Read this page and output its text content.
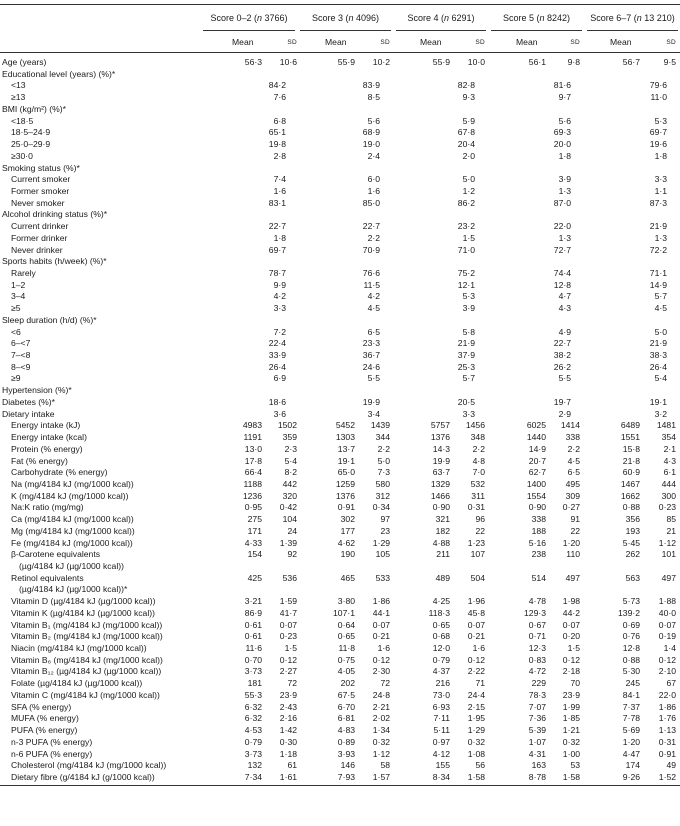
Score 0–2 (n 3766)
Mean	SD
Score 3 (n 4096)
Mean	SD
Score 4 (n 6291)
Mean	SD
Score 5 (n 8242)
Mean	SD
Score 6–7 (n 13 210)
Mean	SD
Age (years)	56·3	10·6	55·9	10·2	55·9	10·0	56·1	9·8	56·7	9·5
Educational level (years) (%)*
<13	84·2	83·9	82·8	81·6	79·6
≥13	7·6	8·5	9·3	9·7	11·0
BMI (kg/m²) (%)*
<18·5	6·8	5·6	5·9	5·6	5·3
18·5–24·9	65·1	68·9	67·8	69·3	69·7
25·0–29·9	19·8	19·0	20·4	20·0	19·6
≥30·0	2·8	2·4	2·0	1·8	1·8
Smoking status (%)*
Current smoker	7·4	6·0	5·0	3·9	3·3
Former smoker	1·6	1·6	1·2	1·3	1·1
Never smoker	83·1	85·0	86·2	87·0	87·3
Alcohol drinking status (%)*
Current drinker	22·7	22·7	23·2	22·0	21·9
Former drinker	1·8	2·2	1·5	1·3	1·3
Never drinker	69·7	70·9	71·0	72·7	72·2
Sports habits (h/week) (%)*
Rarely	78·7	76·6	75·2	74·4	71·1
1–2	9·9	11·5	12·1	12·8	14·9
3–4	4·2	4·2	5·3	4·7	5·7
≥5	3·3	4·5	3·9	4·3	4·5
Sleep duration (h/d) (%)*
<6	7·2	6·5	5·8	4·9	5·0
6–<7	22·4	23·3	21·9	22·7	21·9
7–<8	33·9	36·7	37·9	38·2	38·3
8–<9	26·4	24·6	25·3	26·2	26·4
≥9	6·9	5·5	5·7	5·5	5·4
Hypertension (%)*
Diabetes (%)*	18·6	19·9	20·5	19·7	19·1
Dietary intake	3·6	3·4	3·3	2·9	3·2
Energy intake (kJ)	4983	1502	5452	1439	5757	1456	6025	1414	6489	1481
Energy intake (kcal)	1191	359	1303	344	1376	348	1440	338	1551	354
Protein (% energy)	13·0	2·3	13·7	2·2	14·3	2·2	14·9	2·2	15·8	2·1
Fat (% energy)	17·8	5·4	19·1	5·0	19·9	4·8	20·7	4·5	21·8	4·3
Carbohydrate (% energy)	66·4	8·2	65·0	7·3	63·7	7·0	62·7	6·5	60·9	6·1
Na (mg/4184 kJ (mg/1000 kcal))	1188	442	1259	580	1329	532	1400	495	1467	444
K (mg/4184 kJ (mg/1000 kcal))	1236	320	1376	312	1466	311	1554	309	1662	300
Na:K ratio (mg/mg)	0·95	0·42	0·91	0·34	0·90	0·31	0·90	0·27	0·88	0·23
Ca (mg/4184 kJ (mg/1000 kcal))	275	104	302	97	321	96	338	91	356	85
Mg (mg/4184 kJ (mg/1000 kcal))	171	24	177	23	182	22	188	22	193	21
Fe (mg/4184 kJ (mg/1000 kcal))	4·33	1·39	4·62	1·29	4·88	1·23	5·16	1·20	5·45	1·12
β-Carotene equivalents	154	92	190	105	211	107	238	110	262	101
(µg/4184 kJ (µg/1000 kcal))
Retinol equivalents	425	536	465	533	489	504	514	497	563	497
(µg/4184 kJ (µg/1000 kcal))*
Vitamin D (µg/4184 kJ (µg/1000 kcal))	3·21	1·59	3·80	1·86	4·25	1·96	4·78	1·98	5·73	1·88
Vitamin K (µg/4184 kJ (µg/1000 kcal))	86·9	41·7	107·1	44·1	118·3	45·8	129·3	44·2	139·2	40·0
Vitamin B₁ (mg/4184 kJ (mg/1000 kcal))	0·61	0·07	0·64	0·07	0·65	0·07	0·67	0·07	0·69	0·07
Vitamin B₂ (mg/4184 kJ (mg/1000 kcal))	0·61	0·23	0·65	0·21	0·68	0·21	0·71	0·20	0·76	0·19
Niacin (mg/4184 kJ (mg/1000 kcal))	11·6	1·5	11·8	1·6	12·0	1·6	12·3	1·5	12·8	1·4
Vitamin B₆ (mg/4184 kJ (mg/1000 kcal))	0·70	0·12	0·75	0·12	0·79	0·12	0·83	0·12	0·88	0·12
Vitamin B₁₂ (µg/4184 kJ (µg/1000 kcal))	3·73	2·27	4·05	2·30	4·37	2·22	4·72	2·18	5·30	2·10
Folate (µg/4184 kJ (µg/1000 kcal))	181	72	202	72	216	71	229	70	245	67
Vitamin C (mg/4184 kJ (mg/1000 kcal))	55·3	23·9	67·5	24·8	73·0	24·4	78·3	23·9	84·1	22·0
SFA (% energy)	6·32	2·43	6·70	2·21	6·93	2·15	7·07	1·99	7·37	1·86
MUFA (% energy)	6·32	2·16	6·81	2·02	7·11	1·95	7·36	1·85	7·78	1·76
PUFA (% energy)	4·53	1·42	4·83	1·34	5·11	1·29	5·39	1·21	5·69	1·13
n-3 PUFA (% energy)	0·79	0·30	0·89	0·32	0·97	0·32	1·07	0·32	1·20	0·31
n-6 PUFA (% energy)	3·73	1·18	3·93	1·12	4·12	1·08	4·31	1·00	4·47	0·91
Cholesterol (mg/4184 kJ (mg/1000 kcal))	132	61	146	58	155	56	163	53	174	49
Dietary fibre (g/4184 kJ (g/1000 kcal))	7·34	1·61	7·93	1·57	8·34	1·58	8·78	1·58	9·26	1·52
